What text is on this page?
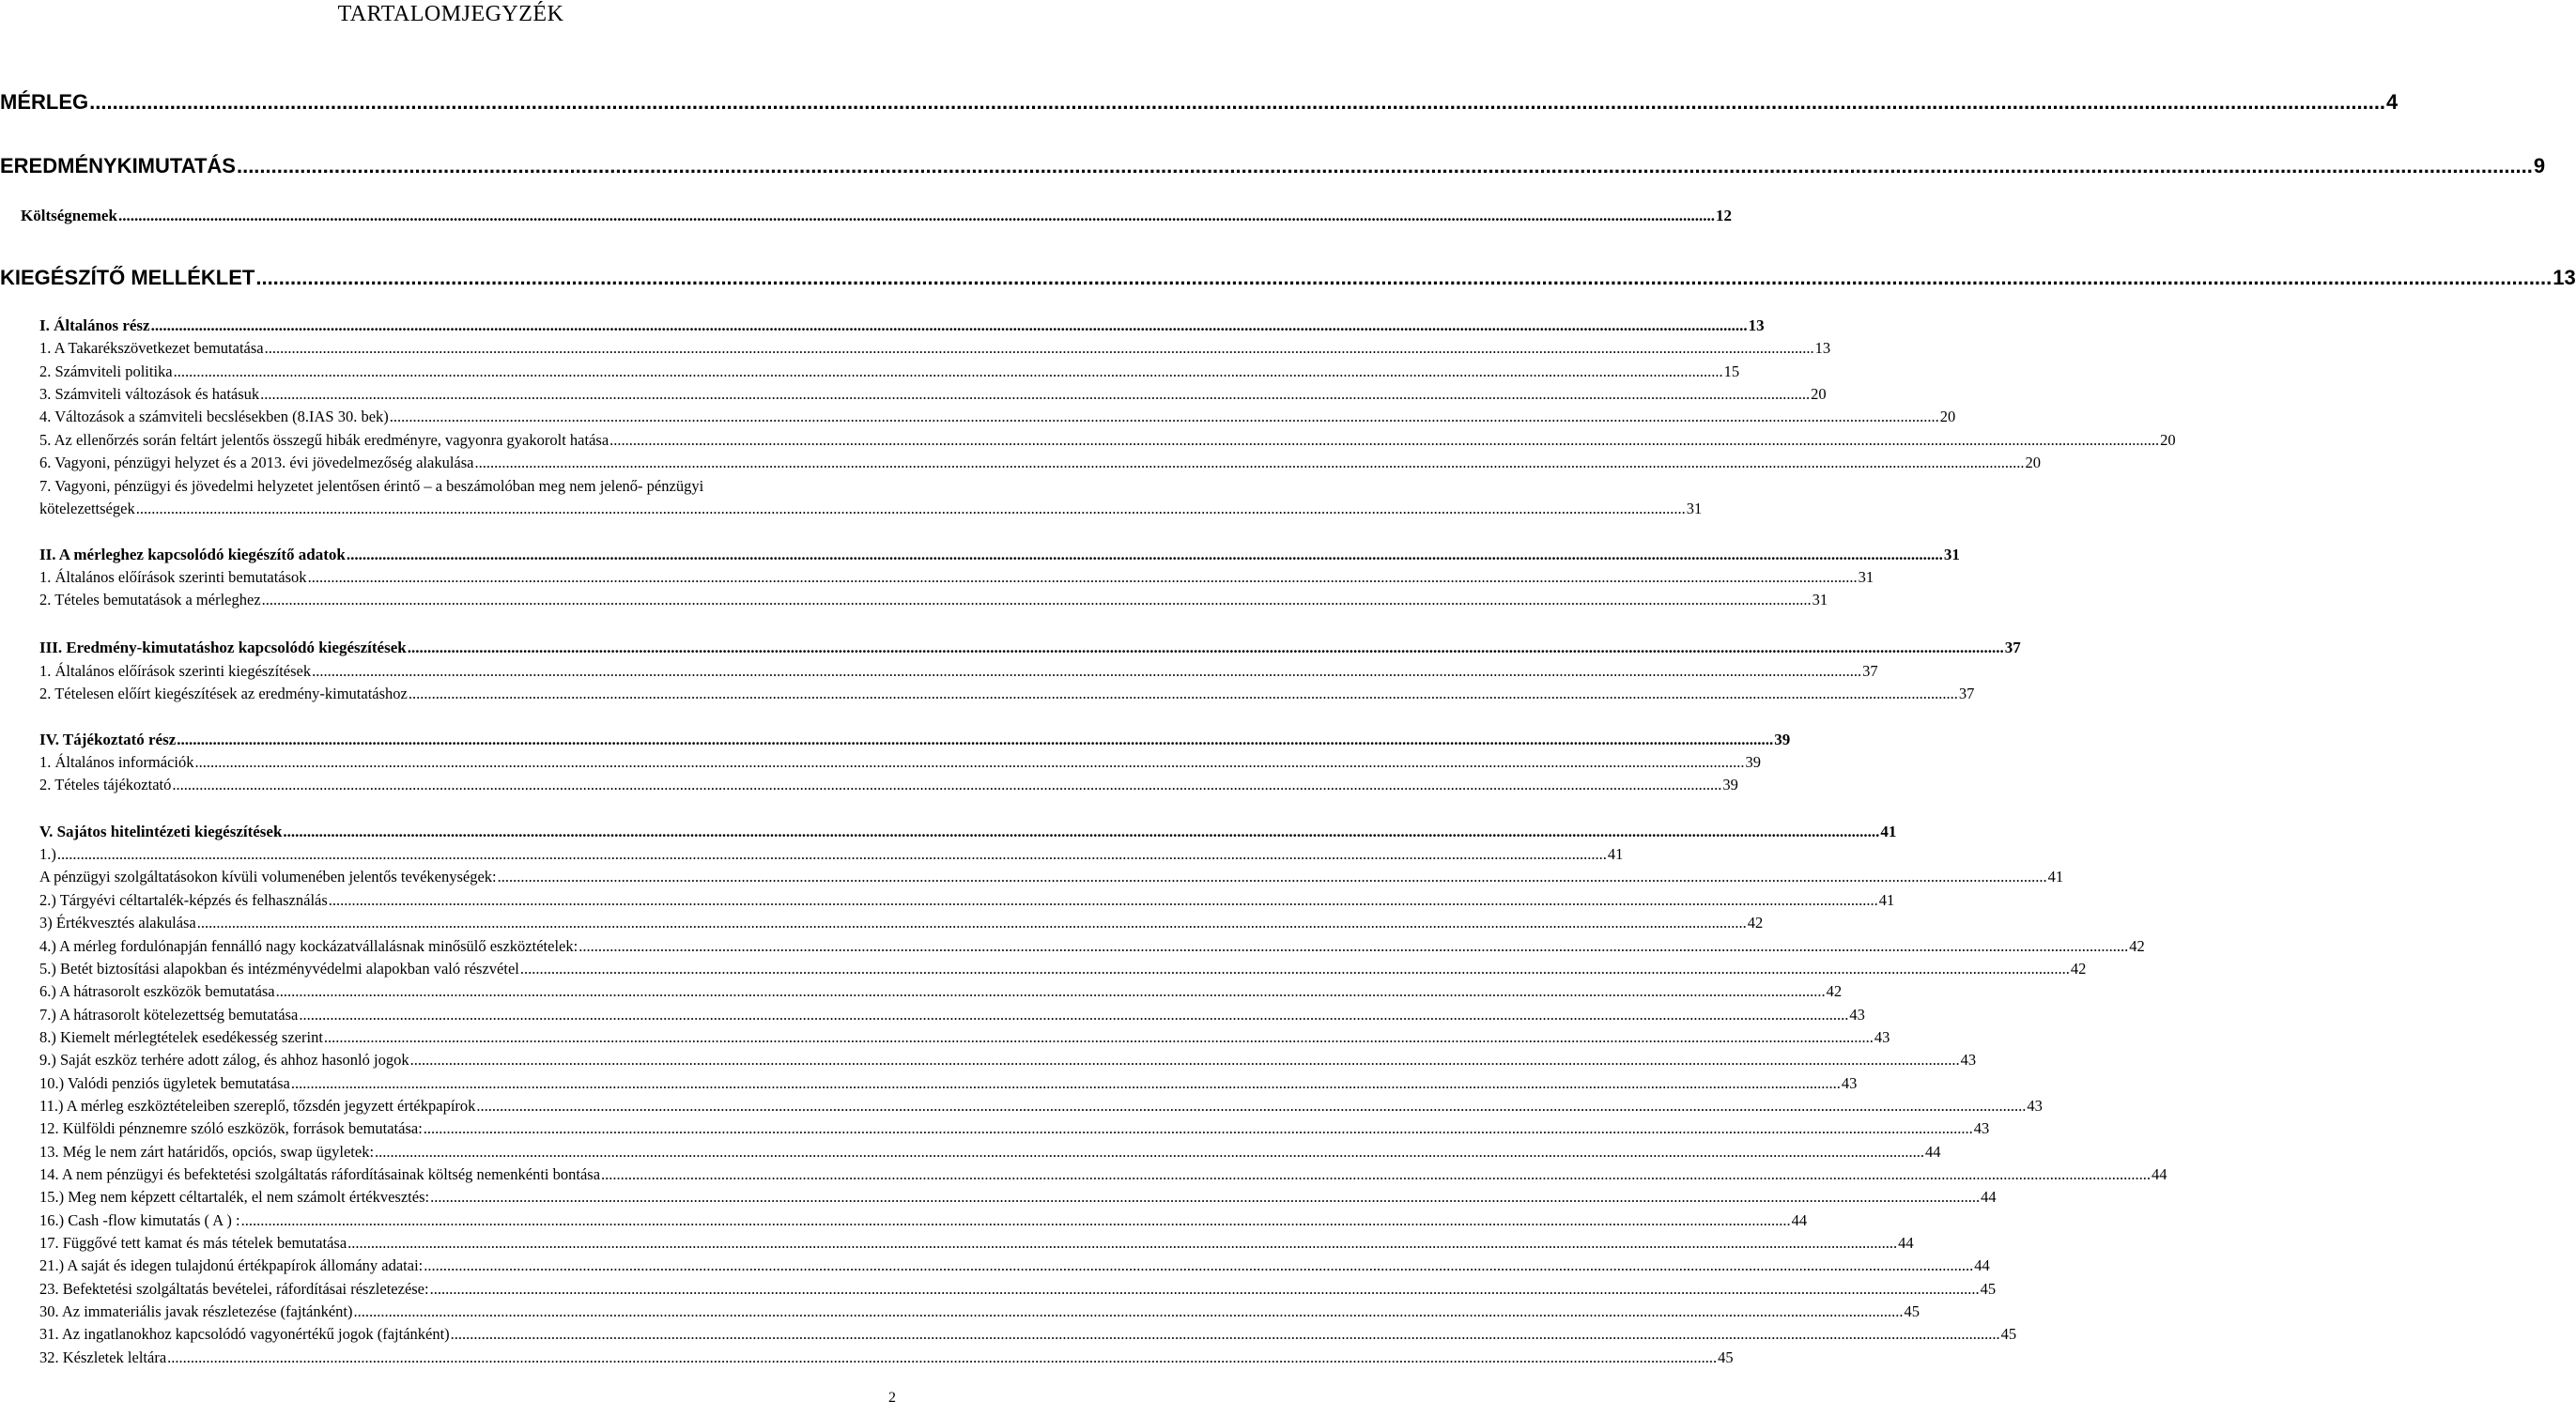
TARTALOMJEGYZÉK
MÉRLEG ................................................................................................................................................................................................................................................................................................................................................................................................................ 4
EREDMÉNYKIMUTATÁS ................................................................................................................................................................................................................................................................................................................................................................................................................ 9
Költségnemek ................................................................................................................................................................................................................................................................................................................................................................................................................ 12
KIEGÉSZÍTŐ MELLÉKLET ................................................................................................................................................................................................................................................................................................................................................................................................................ 13
I. Általános rész ................................................................................................................................................................................................................................................................................................................................................................................................................ 13
1. A Takarékszövetkezet bemutatása ................................................................................................................................................................................................................................................................................................................................................................................................................ 13
2. Számviteli politika ................................................................................................................................................................................................................................................................................................................................................................................................................ 15
3. Számviteli változások és hatásuk ................................................................................................................................................................................................................................................................................................................................................................................................................ 20
4. Változások a számviteli becslésekben (8.IAS 30. bek) ................................................................................................................................................................................................................................................................................................................................................................................................................ 20
5. Az ellenőrzés során feltárt jelentős összegű hibák eredményre, vagyonra gyakorolt hatása ................................................................................................................................................................................................................................................................................................................................................................................................................ 20
6. Vagyoni, pénzügyi helyzet és a 2013. évi jövedelmezőség alakulása ................................................................................................................................................................................................................................................................................................................................................................................................................ 20
7. Vagyoni, pénzügyi és jövedelmi helyzetet jelentősen érintő – a beszámolóban meg nem jelenő- pénzügyi
kötelezettségek ................................................................................................................................................................................................................................................................................................................................................................................................................ 31
II. A mérleghez kapcsolódó kiegészítő adatok ................................................................................................................................................................................................................................................................................................................................................................................................................ 31
1. Általános előírások szerinti bemutatások ................................................................................................................................................................................................................................................................................................................................................................................................................ 31
2. Tételes bemutatások a mérleghez ................................................................................................................................................................................................................................................................................................................................................................................................................ 31
III. Eredmény-kimutatáshoz kapcsolódó kiegészítések ................................................................................................................................................................................................................................................................................................................................................................................................................ 37
1. Általános előírások szerinti kiegészítések ................................................................................................................................................................................................................................................................................................................................................................................................................ 37
2. Tételesen előírt kiegészítések az eredmény-kimutatáshoz ................................................................................................................................................................................................................................................................................................................................................................................................................ 37
IV. Tájékoztató rész ................................................................................................................................................................................................................................................................................................................................................................................................................ 39
1. Általános információk ................................................................................................................................................................................................................................................................................................................................................................................................................ 39
2. Tételes tájékoztató ................................................................................................................................................................................................................................................................................................................................................................................................................ 39
V. Sajátos hitelintézeti kiegészítések ................................................................................................................................................................................................................................................................................................................................................................................................................ 41
1.) ................................................................................................................................................................................................................................................................................................................................................................................................................ 41
A pénzügyi szolgáltatásokon kívüli volumenében jelentős tevékenységek: ................................................................................................................................................................................................................................................................................................................................................................................................................ 41
2.) Tárgyévi céltartalék-képzés és felhasználás ................................................................................................................................................................................................................................................................................................................................................................................................................ 41
3) Értékvesztés alakulása ................................................................................................................................................................................................................................................................................................................................................................................................................ 42
4.) A mérleg fordulónapján fennálló nagy kockázatvállalásnak minősülő eszköztételek: ................................................................................................................................................................................................................................................................................................................................................................................................................ 42
5.) Betét biztosítási alapokban és intézményvédelmi alapokban való részvétel ................................................................................................................................................................................................................................................................................................................................................................................................................ 42
6.) A hátrasorolt eszközök bemutatása ................................................................................................................................................................................................................................................................................................................................................................................................................ 42
7.) A hátrasorolt kötelezettség bemutatása ................................................................................................................................................................................................................................................................................................................................................................................................................ 43
8.) Kiemelt mérlegtételek esedékesség szerint ................................................................................................................................................................................................................................................................................................................................................................................................................ 43
9.) Saját eszköz terhére adott zálog, és ahhoz hasonló jogok ................................................................................................................................................................................................................................................................................................................................................................................................................ 43
10.) Valódi penziós ügyletek bemutatása ................................................................................................................................................................................................................................................................................................................................................................................................................ 43
11.) A mérleg eszköztételeiben szereplő, tőzsdén jegyzett értékpapírok ................................................................................................................................................................................................................................................................................................................................................................................................................ 43
12. Külföldi pénznemre szóló eszközök, források bemutatása: ................................................................................................................................................................................................................................................................................................................................................................................................................ 43
13. Még le nem zárt határidős, opciós, swap ügyletek: ................................................................................................................................................................................................................................................................................................................................................................................................................ 44
14. A nem pénzügyi és befektetési szolgáltatás ráfordításainak költség nemenkénti bontása ................................................................................................................................................................................................................................................................................................................................................................................................................ 44
15.) Meg nem képzett céltartalék, el nem számolt értékvesztés: ................................................................................................................................................................................................................................................................................................................................................................................................................ 44
16.) Cash -flow kimutatás ( A ) : ................................................................................................................................................................................................................................................................................................................................................................................................................ 44
17. Függővé tett kamat és más tételek bemutatása ................................................................................................................................................................................................................................................................................................................................................................................................................ 44
21.) A saját és idegen tulajdonú értékpapírok állomány adatai: ................................................................................................................................................................................................................................................................................................................................................................................................................ 44
23. Befektetési szolgáltatás bevételei, ráfordításai részletezése: ................................................................................................................................................................................................................................................................................................................................................................................................................ 45
30. Az immateriális javak részletezése (fajtánként) ................................................................................................................................................................................................................................................................................................................................................................................................................ 45
31. Az ingatlanokhoz kapcsolódó vagyonértékű jogok (fajtánként) ................................................................................................................................................................................................................................................................................................................................................................................................................ 45
32. Készletek leltára ................................................................................................................................................................................................................................................................................................................................................................................................................ 45
2
